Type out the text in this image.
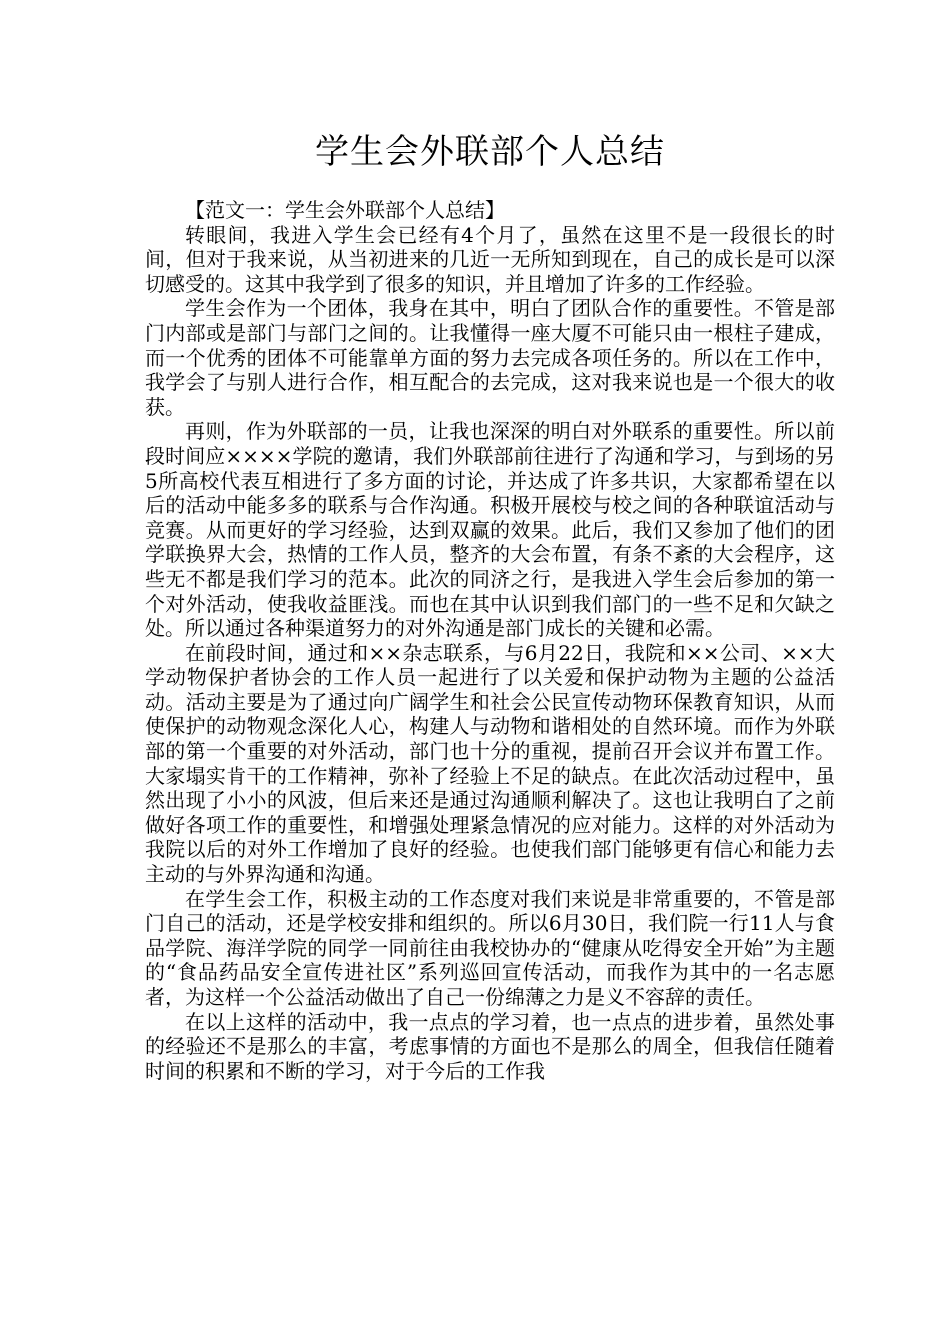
学生会外联部个人总结

【范文一：学生会外联部个人总结】

转眼间，我进入学生会已经有4个月了，虽然在这里不是一段很长的时间，但对于我来说，从当初进来的几近一无所知到现在，自己的成长是可以深切感受的。这其中我学到了很多的知识，并且增加了许多的工作经验。

学生会作为一个团体，我身在其中，明白了团队合作的重要性。不管是部门内部或是部门与部门之间的。让我懂得一座大厦不可能只由一根柱子建成，而一个优秀的团体不可能靠单方面的努力去完成各项任务的。所以在工作中，我学会了与别人进行合作，相互配合的去完成，这对我来说也是一个很大的收获。

再则，作为外联部的一员，让我也深深的明白对外联系的重要性。所以前段时间应××××学院的邀请，我们外联部前往进行了沟通和学习，与到场的另5所高校代表互相进行了多方面的讨论，并达成了许多共识，大家都希望在以后的活动中能多多的联系与合作沟通。积极开展校与校之间的各种联谊活动与竞赛。从而更好的学习经验，达到双赢的效果。此后，我们又参加了他们的团学联换界大会，热情的工作人员，整齐的大会布置，有条不紊的大会程序，这些无不都是我们学习的范本。此次的同济之行，是我进入学生会后参加的第一个对外活动，使我收益匪浅。而也在其中认识到我们部门的一些不足和欠缺之处。所以通过各种渠道努力的对外沟通是部门成长的关键和必需。

在前段时间，通过和××杂志联系，与6月22日，我院和××公司、××大学动物保护者协会的工作人员一起进行了以关爱和保护动物为主题的公益活动。活动主要是为了通过向广阔学生和社会公民宣传动物环保教育知识，从而使保护的动物观念深化人心，构建人与动物和谐相处的自然环境。而作为外联部的第一个重要的对外活动，部门也十分的重视，提前召开会议并布置工作。大家塌实肯干的工作精神，弥补了经验上不足的缺点。在此次活动过程中，虽然出现了小小的风波，但后来还是通过沟通顺利解决了。这也让我明白了之前做好各项工作的重要性，和增强处理紧急情况的应对能力。这样的对外活动为我院以后的对外工作增加了良好的经验。也使我们部门能够更有信心和能力去主动的与外界沟通和沟通。

在学生会工作，积极主动的工作态度对我们来说是非常重要的，不管是部门自己的活动，还是学校安排和组织的。所以6月30日，我们院一行11人与食品学院、海洋学院的同学一同前往由我校协办的“健康从吃得安全开始”为主题的“食品药品安全宣传进社区”系列巡回宣传活动，而我作为其中的一名志愿者，为这样一个公益活动做出了自己一份绵薄之力是义不容辞的责任。

在以上这样的活动中，我一点点的学习着，也一点点的进步着，虽然处事的经验还不是那么的丰富，考虑事情的方面也不是那么的周全，但我信任随着时间的积累和不断的学习，对于今后的工作我
